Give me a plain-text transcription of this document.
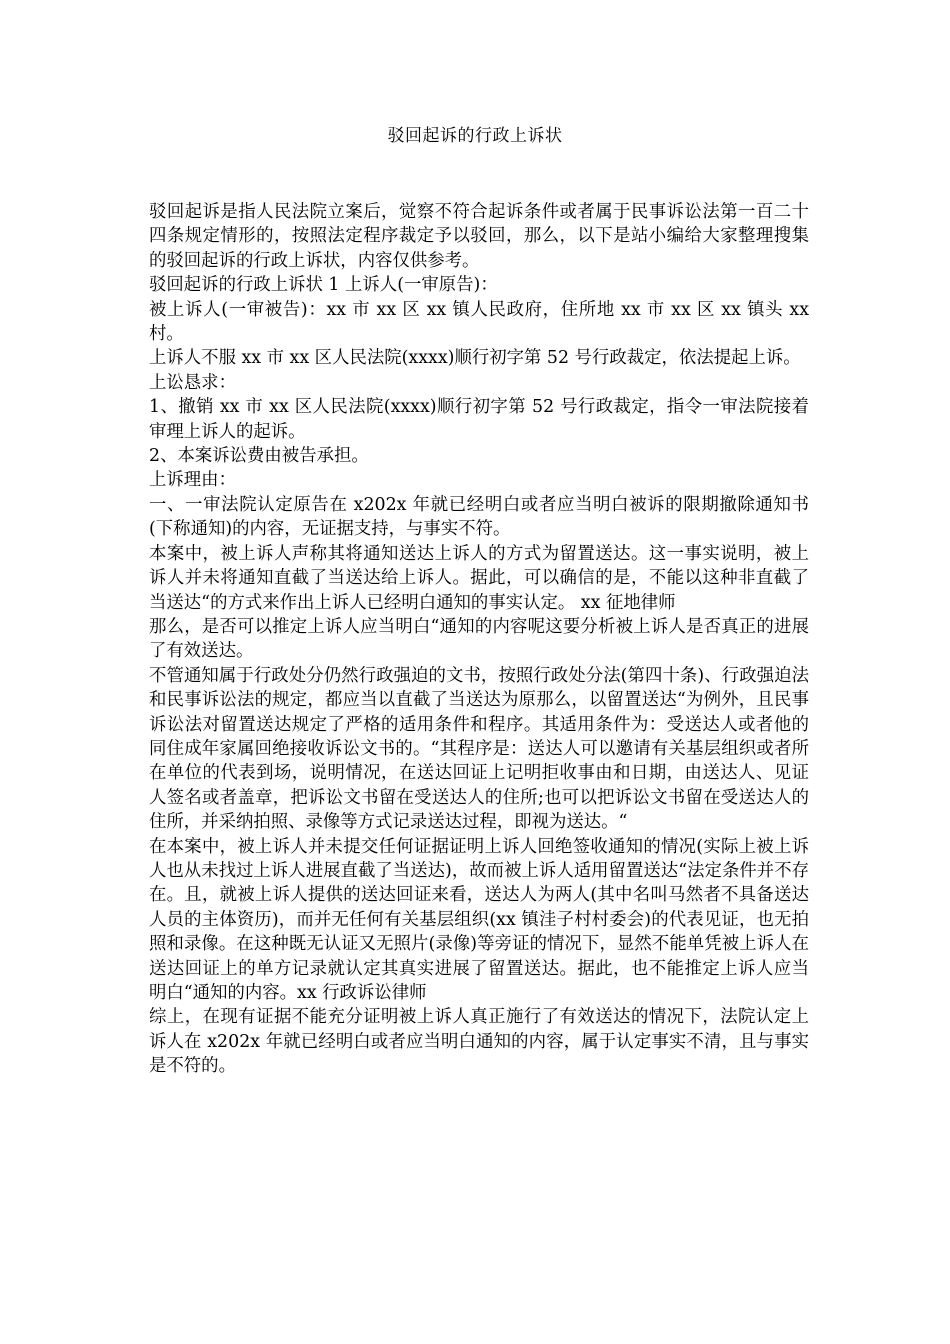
驳回起诉的行政上诉状

驳回起诉是指人民法院立案后，觉察不符合起诉条件或者属于民事诉讼法第一百二十四条规定情形的，按照法定程序裁定予以驳回，那么，以下是站小编给大家整理搜集的驳回起诉的行政上诉状，内容仅供参考。

驳回起诉的行政上诉状 1 上诉人(一审原告)：

被上诉人(一审被告)：xx 市 xx 区 xx 镇人民政府，住所地 xx 市 xx 区 xx 镇头 xx 村。

上诉人不服 xx 市 xx 区人民法院(xxxx)顺行初字第 52 号行政裁定，依法提起上诉。

上讼恳求：

1、撤销 xx 市 xx 区人民法院(xxxx)顺行初字第 52 号行政裁定，指令一审法院接着审理上诉人的起诉。

2、本案诉讼费由被告承担。

上诉理由：

一、一审法院认定原告在 x202x 年就已经明白或者应当明白被诉的限期撤除通知书(下称通知)的内容，无证据支持，与事实不符。

本案中，被上诉人声称其将通知送达上诉人的方式为留置送达。这一事实说明，被上诉人并未将通知直截了当送达给上诉人。据此，可以确信的是，不能以这种非直截了当送达“的方式来作出上诉人已经明白通知的事实认定。 xx 征地律师

那么，是否可以推定上诉人应当明白“通知的内容呢这要分析被上诉人是否真正的进展了有效送达。

不管通知属于行政处分仍然行政强迫的文书，按照行政处分法(第四十条)、行政强迫法和民事诉讼法的规定，都应当以直截了当送达为原那么，以留置送达“为例外，且民事诉讼法对留置送达规定了严格的适用条件和程序。其适用条件为：受送达人或者他的同住成年家属回绝接收诉讼文书的。“其程序是：送达人可以邀请有关基层组织或者所在单位的代表到场，说明情况，在送达回证上记明拒收事由和日期，由送达人、见证人签名或者盖章，把诉讼文书留在受送达人的住所;也可以把诉讼文书留在受送达人的住所，并采纳拍照、录像等方式记录送达过程，即视为送达。“

在本案中，被上诉人并未提交任何证据证明上诉人回绝签收通知的情况(实际上被上诉人也从未找过上诉人进展直截了当送达)，故而被上诉人适用留置送达“法定条件并不存在。且，就被上诉人提供的送达回证来看，送达人为两人(其中名叫马然者不具备送达人员的主体资历)，而并无任何有关基层组织(xx 镇洼子村村委会)的代表见证，也无拍照和录像。在这种既无认证又无照片(录像)等旁证的情况下，显然不能单凭被上诉人在送达回证上的单方记录就认定其真实进展了留置送达。据此，也不能推定上诉人应当明白“通知的内容。xx 行政诉讼律师

综上，在现有证据不能充分证明被上诉人真正施行了有效送达的情况下，法院认定上诉人在 x202x 年就已经明白或者应当明白通知的内容，属于认定事实不清，且与事实是不符的。
